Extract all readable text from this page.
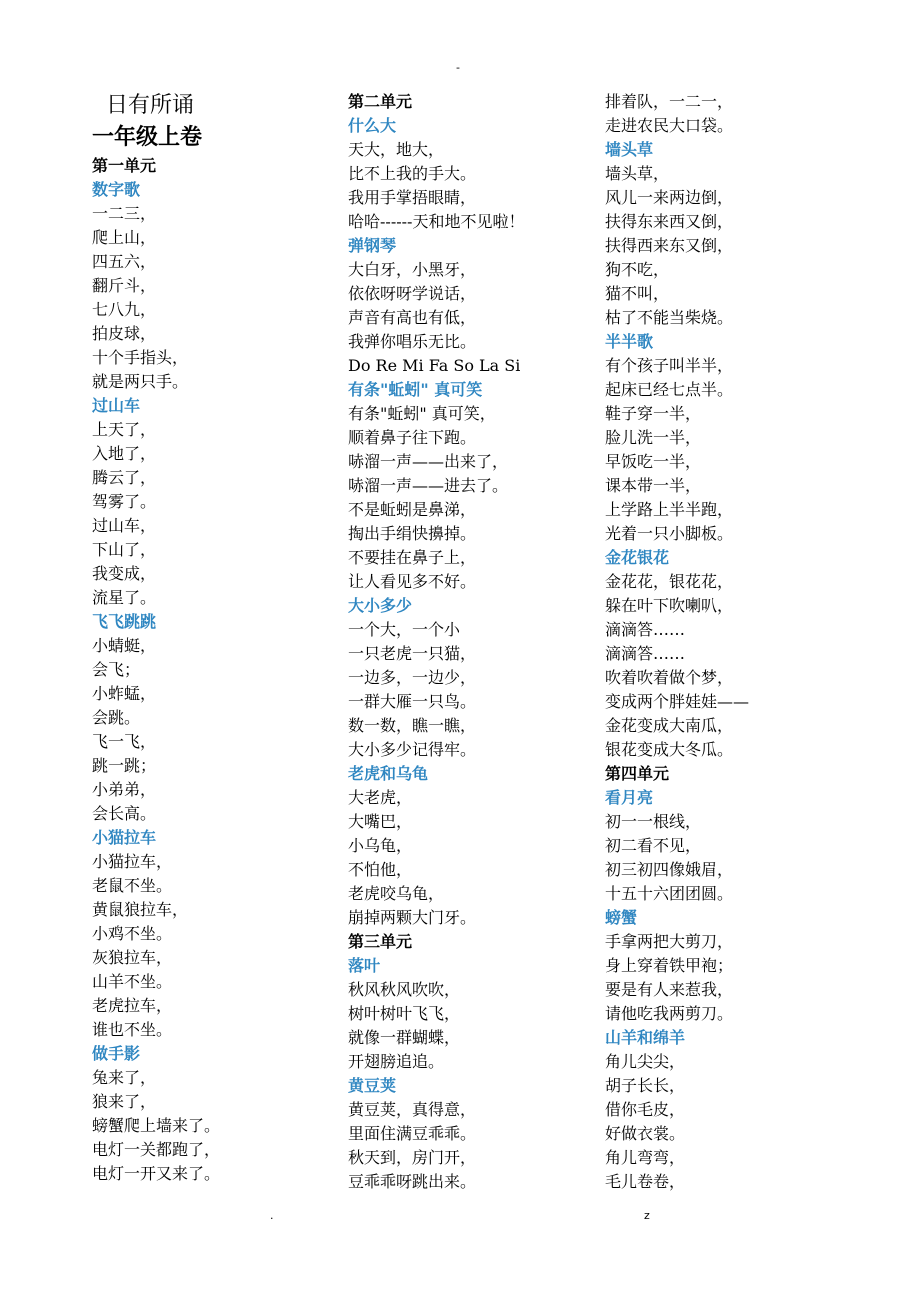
-
日有所诵
一年级上卷
第一单元
数字歌
一二三，
爬上山，
四五六，
翻斤斗，
七八九，
拍皮球，
十个手指头，
就是两只手。
过山车
上天了，
入地了，
腾云了，
驾雾了。
过山车，
下山了，
我变成，
流星了。
飞飞跳跳
小蜻蜓，
会飞；
小蚱蜢，
会跳。
飞一飞，
跳一跳；
小弟弟，
会长高。
小猫拉车
小猫拉车，
老鼠不坐。
黄鼠狼拉车，
小鸡不坐。
灰狼拉车，
山羊不坐。
老虎拉车，
谁也不坐。
做手影
兔来了，
狼来了，
螃蟹爬上墙来了。
电灯一关都跑了，
电灯一开又来了。
第二单元
什么大
天大，地大，
比不上我的手大。
我用手掌捂眼睛，
哈哈------天和地不见啦！
弹钢琴
大白牙，小黑牙，
依依呀呀学说话，
声音有高也有低，
我弹你唱乐无比。
Do Re Mi Fa So La Si
有条"蚯蚓" 真可笑
有条"蚯蚓" 真可笑，
顺着鼻子往下跑。
哧溜一声——出来了，
哧溜一声——进去了。
不是蚯蚓是鼻涕，
掏出手绢快擤掉。
不要挂在鼻子上，
让人看见多不好。
大小多少
一个大，一个小
一只老虎一只猫，
一边多，一边少，
一群大雁一只鸟。
数一数，瞧一瞧，
大小多少记得牢。
老虎和乌龟
大老虎，
大嘴巴，
小乌龟，
不怕他，
老虎咬乌龟，
崩掉两颗大门牙。
第三单元
落叶
秋风秋风吹吹，
树叶树叶飞飞，
就像一群蝴蝶，
开翅膀追追。
黄豆荚
黄豆荚，真得意，
里面住满豆乖乖。
秋天到，房门开，
豆乖乖呀跳出来。
排着队，一二一，
走进农民大口袋。
墙头草
墙头草，
风儿一来两边倒，
扶得东来西又倒，
扶得西来东又倒，
狗不吃，
猫不叫，
枯了不能当柴烧。
半半歌
有个孩子叫半半，
起床已经七点半。
鞋子穿一半，
脸儿洗一半，
早饭吃一半，
课本带一半，
上学路上半半跑，
光着一只小脚板。
金花银花
金花花，银花花，
躲在叶下吹喇叭，
滴滴答……
滴滴答……
吹着吹着做个梦，
变成两个胖娃娃——
金花变成大南瓜，
银花变成大冬瓜。
第四单元
看月亮
初一一根线，
初二看不见，
初三初四像娥眉，
十五十六团团圆。
螃蟹
手拿两把大剪刀，
身上穿着铁甲袍；
要是有人来惹我，
请他吃我两剪刀。
山羊和绵羊
角儿尖尖，
胡子长长，
借你毛皮，
好做衣裳。
角儿弯弯，
毛儿卷卷，
.	z
